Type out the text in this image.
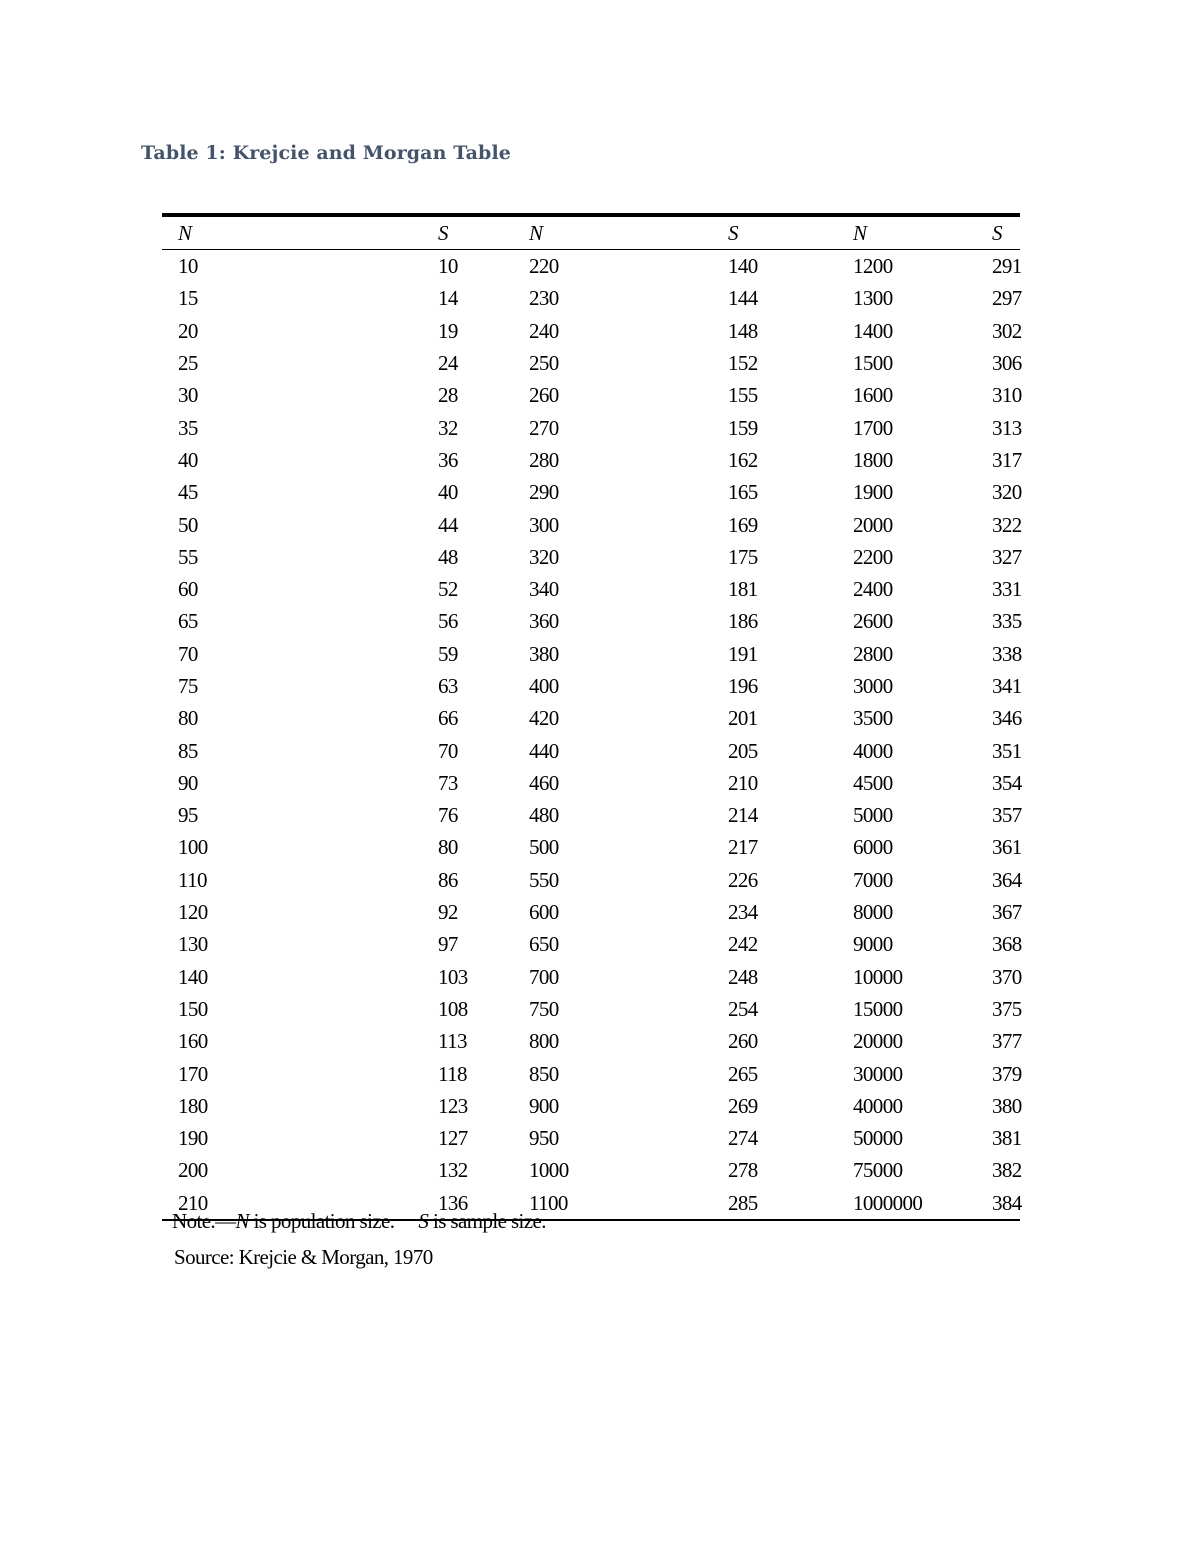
Table 1: Krejcie and Morgan Table
N	S	N	S	N	S
10	10	220	140	1200	291
15	14	230	144	1300	297
20	19	240	148	1400	302
25	24	250	152	1500	306
30	28	260	155	1600	310
35	32	270	159	1700	313
40	36	280	162	1800	317
45	40	290	165	1900	320
50	44	300	169	2000	322
55	48	320	175	2200	327
60	52	340	181	2400	331
65	56	360	186	2600	335
70	59	380	191	2800	338
75	63	400	196	3000	341
80	66	420	201	3500	346
85	70	440	205	4000	351
90	73	460	210	4500	354
95	76	480	214	5000	357
100	80	500	217	6000	361
110	86	550	226	7000	364
120	92	600	234	8000	367
130	97	650	242	9000	368
140	103	700	248	10000	370
150	108	750	254	15000	375
160	113	800	260	20000	377
170	118	850	265	30000	379
180	123	900	269	40000	380
190	127	950	274	50000	381
200	132	1000	278	75000	382
210	136	1100	285	1000000	384
Note.—N is population size. S is sample size.
Source: Krejcie & Morgan, 1970
